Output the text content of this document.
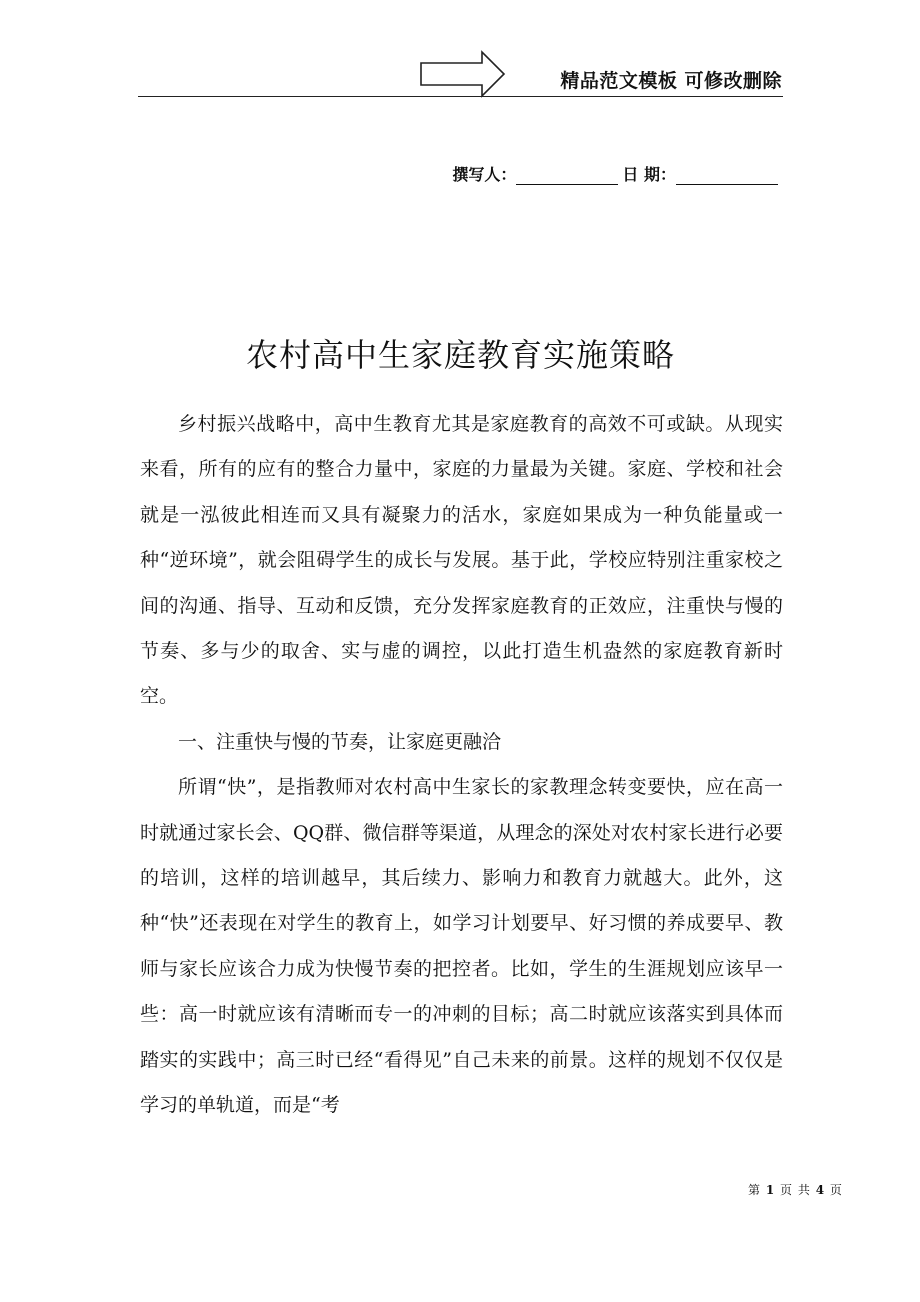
精品范文模板 可修改删除
撰写人：	日 期：
农村高中生家庭教育实施策略

乡村振兴战略中，高中生教育尤其是家庭教育的高效不可或缺。从现实来看，所有的应有的整合力量中，家庭的力量最为关键。家庭、学校和社会就是一泓彼此相连而又具有凝聚力的活水，家庭如果成为一种负能量或一种“逆环境”，就会阻碍学生的成长与发展。基于此，学校应特别注重家校之间的沟通、指导、互动和反馈，充分发挥家庭教育的正效应，注重快与慢的节奏、多与少的取舍、实与虚的调控，以此打造生机盎然的家庭教育新时空。

一、注重快与慢的节奏，让家庭更融洽

所谓“快”，是指教师对农村高中生家长的家教理念转变要快，应在高一时就通过家长会、QQ群、微信群等渠道，从理念的深处对农村家长进行必要的培训，这样的培训越早，其后续力、影响力和教育力就越大。此外，这种“快”还表现在对学生的教育上，如学习计划要早、好习惯的养成要早、教师与家长应该合力成为快慢节奏的把控者。比如，学生的生涯规划应该早一些：高一时就应该有清晰而专一的冲刺的目标；高二时就应该落实到具体而踏实的实践中；高三时已经“看得见”自己未来的前景。这样的规划不仅仅是学习的单轨道，而是“考

第 1 页 共 4 页
